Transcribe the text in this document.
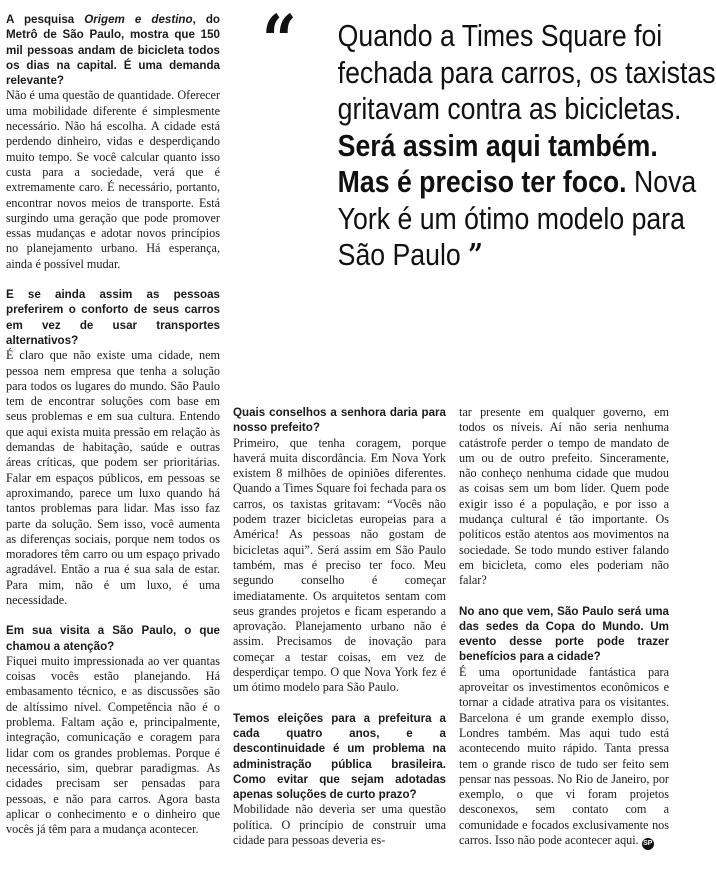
“ Quando a Times Square foi fechada para carros, os taxistas gritavam contra as bicicletas. Será assim aqui também. Mas é preciso ter foco. Nova York é um ótimo modelo para São Paulo ”

A pesquisa Origem e destino, do Metrô de São Paulo, mostra que 150 mil pessoas andam de bicicleta todos os dias na capital. É uma demanda relevante?

Não é uma questão de quantidade. Oferecer uma mobilidade diferente é simplesmente necessário. Não há escolha. A cidade está perdendo dinheiro, vidas e desperdiçando muito tempo. Se você calcular quanto isso custa para a sociedade, verá que é extremamente caro. É necessário, portanto, encontrar novos meios de transporte. Está surgindo uma geração que pode promover essas mudanças e adotar novos princípios no planejamento urbano. Há esperança, ainda é possível mudar.

E se ainda assim as pessoas preferirem o conforto de seus carros em vez de usar transportes alternativos?

É claro que não existe uma cidade, nem pessoa nem empresa que tenha a solução para todos os lugares do mundo. São Paulo tem de encontrar soluções com base em seus problemas e em sua cultura. Entendo que aqui exista muita pressão em relação às demandas de habitação, saúde e outras áreas críticas, que podem ser prioritárias. Falar em espaços públicos, em pessoas se aproximando, parece um luxo quando há tantos problemas para lidar. Mas isso faz parte da solução. Sem isso, você aumenta as diferenças sociais, porque nem todos os moradores têm carro ou um espaço privado agradável. Então a rua é sua sala de estar. Para mim, não é um luxo, é uma necessidade.

Em sua visita a São Paulo, o que chamou a atenção?

Fiquei muito impressionada ao ver quantas coisas vocês estão planejando. Há embasamento técnico, e as discussões são de altíssimo nível. Competência não é o problema. Faltam ação e, principalmente, integração, comunicação e coragem para lidar com os grandes problemas. Porque é necessário, sim, quebrar paradigmas. As cidades precisam ser pensadas para pessoas, e não para carros. Agora basta aplicar o conhecimento e o dinheiro que vocês já têm para a mudança acontecer.

Quais conselhos a senhora daria para nosso prefeito?

Primeiro, que tenha coragem, porque haverá muita discordância. Em Nova York existem 8 milhões de opiniões diferentes. Quando a Times Square foi fechada para os carros, os taxistas gritavam: “Vocês não podem trazer bicicletas europeias para a América! As pessoas não gostam de bicicletas aqui”. Será assim em São Paulo também, mas é preciso ter foco. Meu segundo conselho é começar imediatamente. Os arquitetos sentam com seus grandes projetos e ficam esperando a aprovação. Planejamento urbano não é assim. Precisamos de inovação para começar a testar coisas, em vez de desperdiçar tempo. O que Nova York fez é um ótimo modelo para São Paulo.

Temos eleições para a prefeitura a cada quatro anos, e a descontinuidade é um problema na administração pública brasileira. Como evitar que sejam adotadas apenas soluções de curto prazo?

Mobilidade não deveria ser uma questão política. O princípio de construir uma cidade para pessoas deveria es-

tar presente em qualquer governo, em todos os níveis. Aí não seria nenhuma catástrofe perder o tempo de mandato de um ou de outro prefeito. Sinceramente, não conheço nenhuma cidade que mudou as coisas sem um bom líder. Quem pode exigir isso é a população, e por isso a mudança cultural é tão importante. Os políticos estão atentos aos movimentos na sociedade. Se todo mundo estiver falando em bicicleta, como eles poderiam não falar?

No ano que vem, São Paulo será uma das sedes da Copa do Mundo. Um evento desse porte pode trazer benefícios para a cidade?

É uma oportunidade fantástica para aproveitar os investimentos econômicos e tornar a cidade atrativa para os visitantes. Barcelona é um grande exemplo disso, Londres também. Mas aqui tudo está acontecendo muito rápido. Tanta pressa tem o grande risco de tudo ser feito sem pensar nas pessoas. No Rio de Janeiro, por exemplo, o que vi foram projetos desconexos, sem contato com a comunidade e focados exclusivamente nos carros. Isso não pode acontecer aqui. SP
